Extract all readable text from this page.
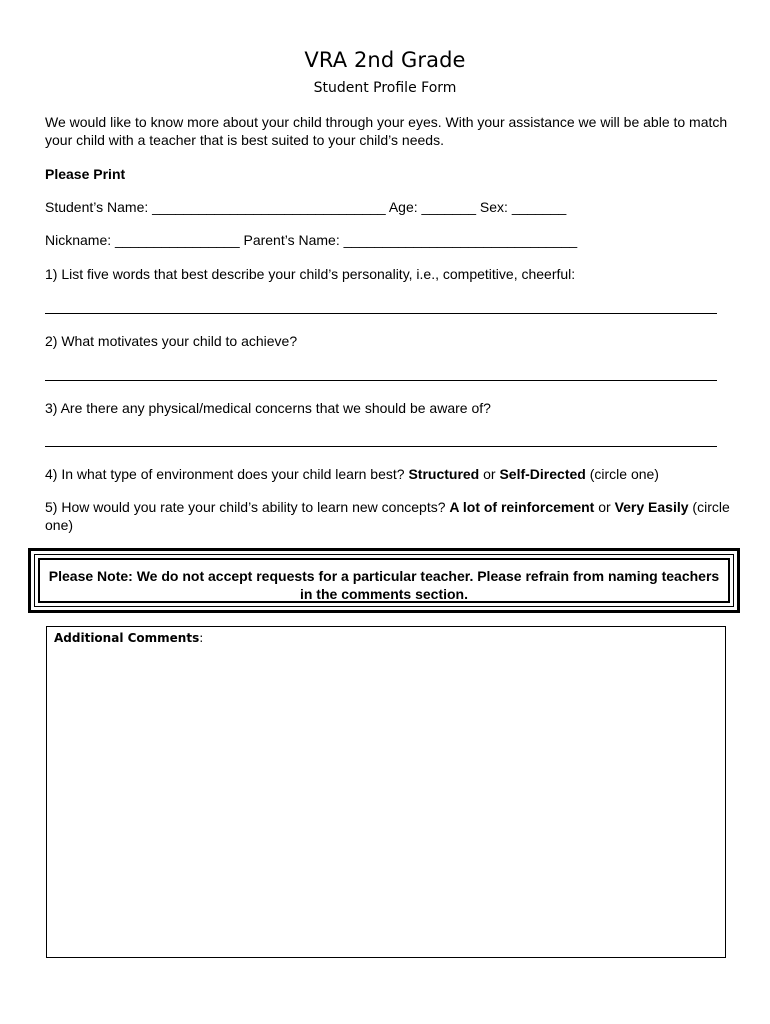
VRA 2nd Grade
Student Profile Form
We would like to know more about your child through your eyes. With your assistance we will be able to match your child with a teacher that is best suited to your child’s needs.
Please Print
Student’s Name: ______________________________ Age: _______ Sex: _______
Nickname: ________________ Parent’s Name: ______________________________
1) List five words that best describe your child’s personality, i.e., competitive, cheerful:
2) What motivates your child to achieve?
3) Are there any physical/medical concerns that we should be aware of?
4) In what type of environment does your child learn best? Structured or Self-Directed (circle one)
5) How would you rate your child’s ability to learn new concepts? A lot of reinforcement or Very Easily (circle one)
Please Note: We do not accept requests for a particular teacher. Please refrain from naming teachers in the comments section.
Additional Comments:
